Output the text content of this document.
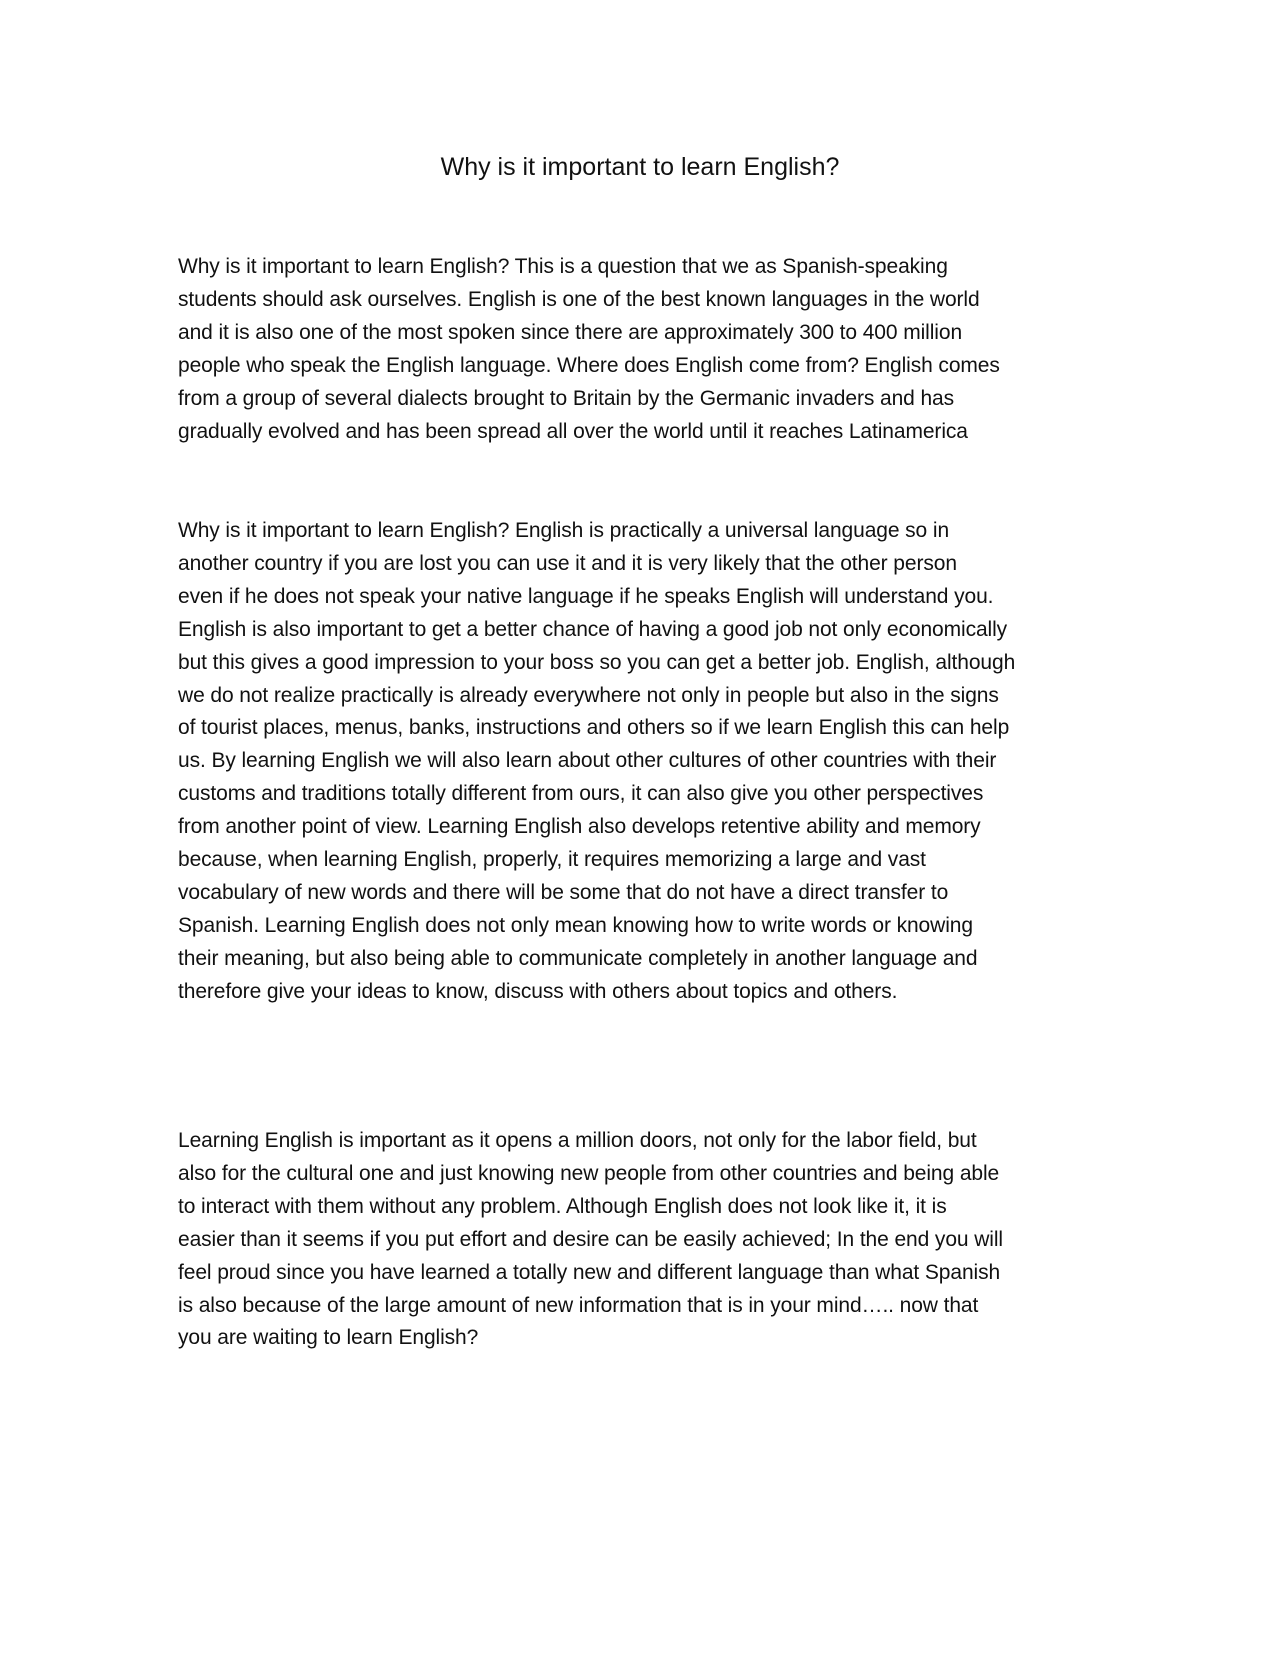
Why is it important to learn English?

Why is it important to learn English? This is a question that we as Spanish-speaking
students should ask ourselves. English is one of the best known languages in the world
and it is also one of the most spoken since there are approximately 300 to 400 million
people who speak the English language. Where does English come from? English comes
from a group of several dialects brought to Britain by the Germanic invaders and has
gradually evolved and has been spread all over the world until it reaches Latinamerica

Why is it important to learn English? English is practically a universal language so in
another country if you are lost you can use it and it is very likely that the other person
even if he does not speak your native language if he speaks English will understand you.
English is also important to get a better chance of having a good job not only economically
but this gives a good impression to your boss so you can get a better job. English, although
we do not realize practically is already everywhere not only in people but also in the signs
of tourist places, menus, banks, instructions and others so if we learn English this can help
us. By learning English we will also learn about other cultures of other countries with their
customs and traditions totally different from ours, it can also give you other perspectives
from another point of view. Learning English also develops retentive ability and memory
because, when learning English, properly, it requires memorizing a large and vast
vocabulary of new words and there will be some that do not have a direct transfer to
Spanish. Learning English does not only mean knowing how to write words or knowing
their meaning, but also being able to communicate completely in another language and
therefore give your ideas to know, discuss with others about topics and others.

Learning English is important as it opens a million doors, not only for the labor field, but
also for the cultural one and just knowing new people from other countries and being able
to interact with them without any problem. Although English does not look like it, it is
easier than it seems if you put effort and desire can be easily achieved; In the end you will
feel proud since you have learned a totally new and different language than what Spanish
is also because of the large amount of new information that is in your mind….. now that
you are waiting to learn English?
